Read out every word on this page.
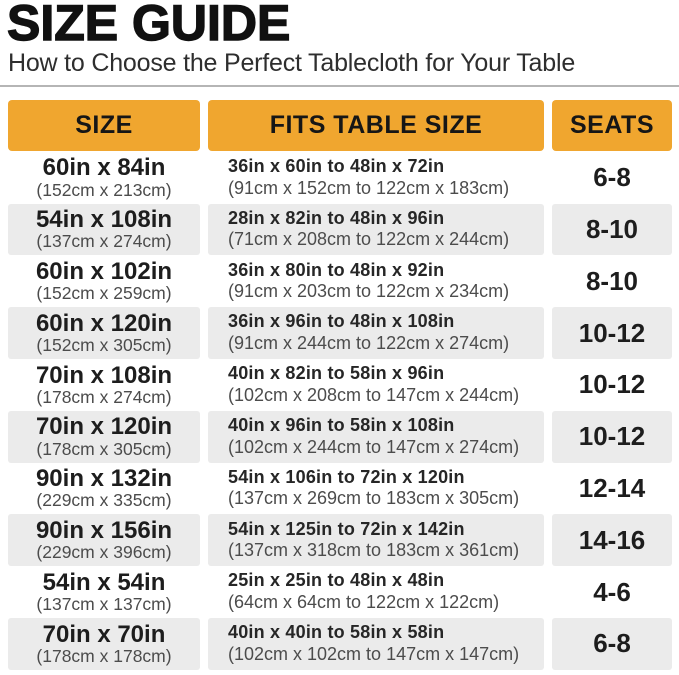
SIZE GUIDE
How to Choose the Perfect Tablecloth for Your Table
SIZE	FITS TABLE SIZE	SEATS
60in x 84in
(152cm x 213cm)
36in x 60in to 48in x 72in
(91cm x 152cm to 122cm x 183cm)	6-8
54in x 108in
(137cm x 274cm)
28in x 82in to 48in x 96in
(71cm x 208cm to 122cm x 244cm)	8-10
60in x 102in
(152cm x 259cm)
36in x 80in to 48in x 92in
(91cm x 203cm to 122cm x 234cm)	8-10
60in x 120in
(152cm x 305cm)
36in x 96in to 48in x 108in
(91cm x 244cm to 122cm x 274cm)	10-12
70in x 108in
(178cm x 274cm)
40in x 82in to 58in x 96in
(102cm x 208cm to 147cm x 244cm) 10-12
70in x 120in
(178cm x 305cm)
40in x 96in to 58in x 108in
(102cm x 244cm to 147cm x 274cm) 10-12
90in x 132in
(229cm x 335cm)
54in x 106in to 72in x 120in
(137cm x 269cm to 183cm x 305cm) 12-14
90in x 156in
(229cm x 396cm)
54in x 125in to 72in x 142in
(137cm x 318cm to 183cm x 361cm) 14-16
54in x 54in
(137cm x 137cm)
25in x 25in to 48in x 48in
(64cm x 64cm to 122cm x 122cm)	4-6
70in x 70in
(178cm x 178cm)
40in x 40in to 58in x 58in
(102cm x 102cm to 147cm x 147cm)	6-8
